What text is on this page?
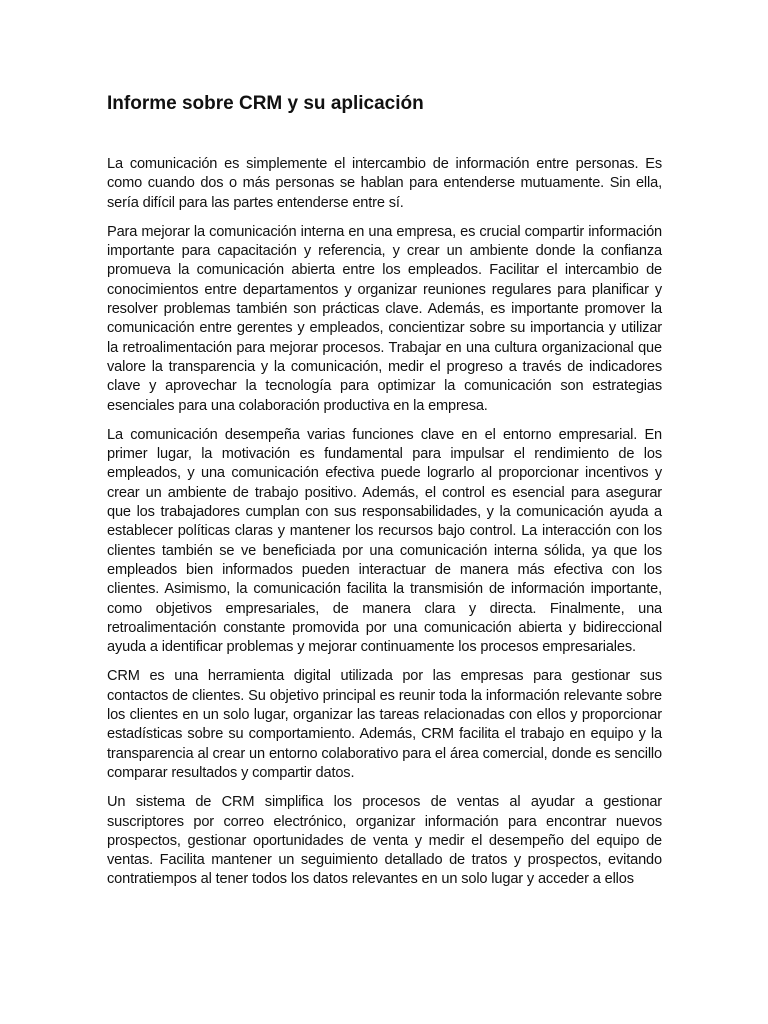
Informe sobre CRM y su aplicación

La comunicación es simplemente el intercambio de información entre personas. Es como cuando dos o más personas se hablan para entenderse mutuamente. Sin ella, sería difícil para las partes entenderse entre sí.

Para mejorar la comunicación interna en una empresa, es crucial compartir información importante para capacitación y referencia, y crear un ambiente donde la confianza promueva la comunicación abierta entre los empleados. Facilitar el intercambio de conocimientos entre departamentos y organizar reuniones regulares para planificar y resolver problemas también son prácticas clave. Además, es importante promover la comunicación entre gerentes y empleados, concientizar sobre su importancia y utilizar la retroalimentación para mejorar procesos. Trabajar en una cultura organizacional que valore la transparencia y la comunicación, medir el progreso a través de indicadores clave y aprovechar la tecnología para optimizar la comunicación son estrategias esenciales para una colaboración productiva en la empresa.

La comunicación desempeña varias funciones clave en el entorno empresarial. En primer lugar, la motivación es fundamental para impulsar el rendimiento de los empleados, y una comunicación efectiva puede lograrlo al proporcionar incentivos y crear un ambiente de trabajo positivo. Además, el control es esencial para asegurar que los trabajadores cumplan con sus responsabilidades, y la comunicación ayuda a establecer políticas claras y mantener los recursos bajo control. La interacción con los clientes también se ve beneficiada por una comunicación interna sólida, ya que los empleados bien informados pueden interactuar de manera más efectiva con los clientes. Asimismo, la comunicación facilita la transmisión de información importante, como objetivos empresariales, de manera clara y directa. Finalmente, una retroalimentación constante promovida por una comunicación abierta y bidireccional ayuda a identificar problemas y mejorar continuamente los procesos empresariales.

CRM es una herramienta digital utilizada por las empresas para gestionar sus contactos de clientes. Su objetivo principal es reunir toda la información relevante sobre los clientes en un solo lugar, organizar las tareas relacionadas con ellos y proporcionar estadísticas sobre su comportamiento. Además, CRM facilita el trabajo en equipo y la transparencia al crear un entorno colaborativo para el área comercial, donde es sencillo comparar resultados y compartir datos.

Un sistema de CRM simplifica los procesos de ventas al ayudar a gestionar suscriptores por correo electrónico, organizar información para encontrar nuevos prospectos, gestionar oportunidades de venta y medir el desempeño del equipo de ventas. Facilita mantener un seguimiento detallado de tratos y prospectos, evitando contratiempos al tener todos los datos relevantes en un solo lugar y acceder a ellos
